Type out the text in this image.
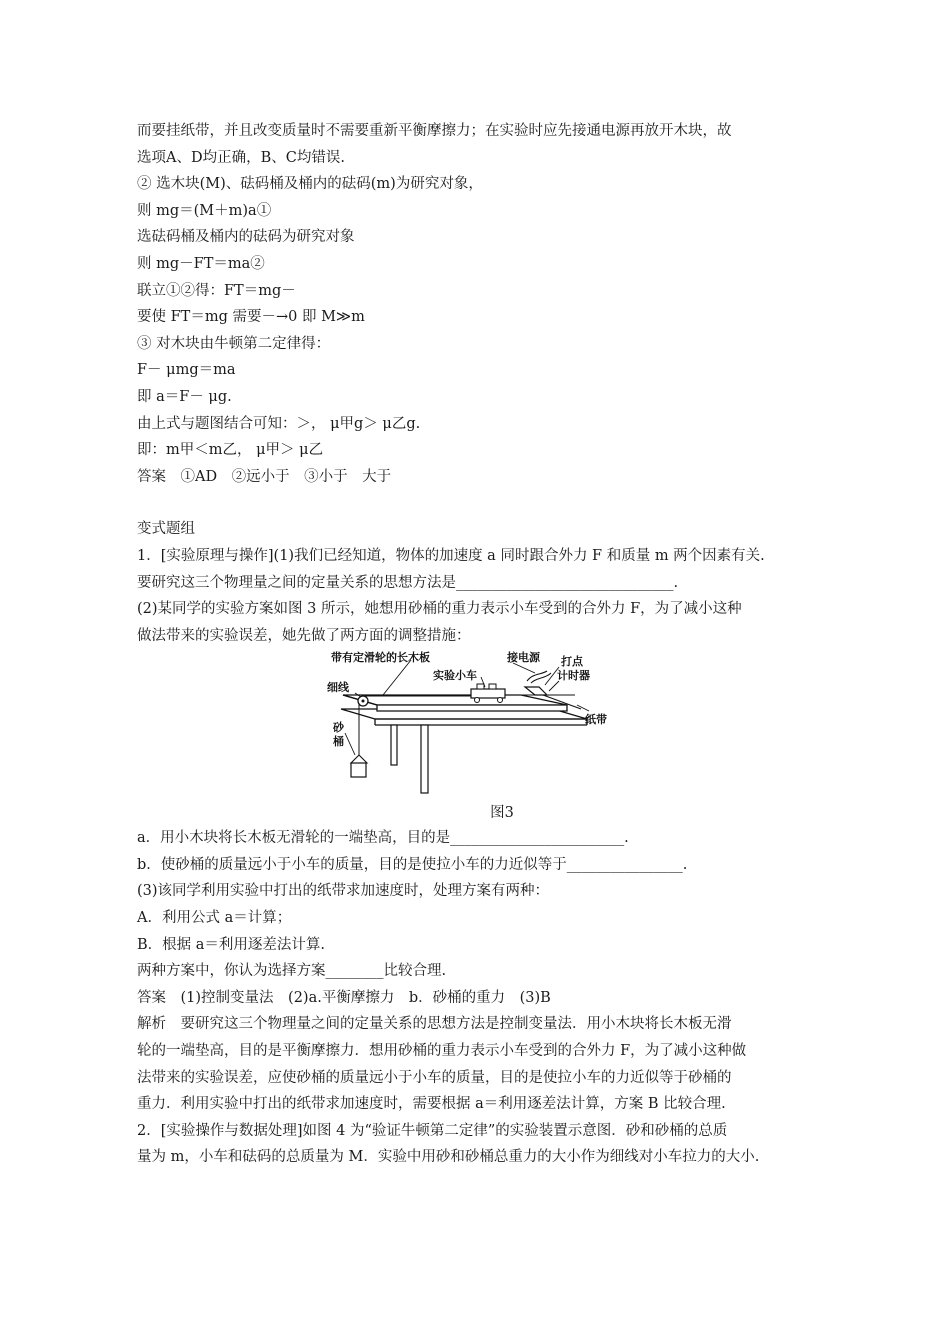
而要挂纸带，并且改变质量时不需要重新平衡摩擦力；在实验时应先接通电源再放开木块，故
选项A、D均正确，B、C均错误.
② 选木块(M)、砝码桶及桶内的砝码(m)为研究对象，
则 mg＝(M＋m)a①
选砝码桶及桶内的砝码为研究对象
则 mg－FT＝ma②
联立①②得：FT＝mg－
要使 FT＝mg 需要－→0 即 M≫m
③ 对木块由牛顿第二定律得：
F－ μmg＝ma
即 a＝F－ μg.
由上式与题图结合可知：＞， μ甲g＞ μ乙g.
即：m甲＜m乙， μ甲＞ μ乙
答案　①AD　②远小于　③小于　大于
变式题组
1．[实验原理与操作](1)我们已经知道，物体的加速度 a 同时跟合外力 F 和质量 m 两个因素有关.
要研究这三个物理量之间的定量关系的思想方法是______________________________.
(2)某同学的实验方案如图 3 所示，她想用砂桶的重力表示小车受到的合外力 F，为了减小这种
做法带来的实验误差，她先做了两方面的调整措施：
带有定滑轮的长木板	接电源 打点
计时器
实验小车
细线
砂
桶
纸带
图3
a．用小木块将长木板无滑轮的一端垫高，目的是________________________.
b．使砂桶的质量远小于小车的质量，目的是使拉小车的力近似等于________________.
(3)该同学利用实验中打出的纸带求加速度时，处理方案有两种：
A．利用公式 a＝计算；
B．根据 a＝利用逐差法计算.
两种方案中，你认为选择方案________比较合理.
答案　(1)控制变量法　(2)a.平衡摩擦力　b．砂桶的重力　(3)B
解析　要研究这三个物理量之间的定量关系的思想方法是控制变量法．用小木块将长木板无滑
轮的一端垫高，目的是平衡摩擦力．想用砂桶的重力表示小车受到的合外力 F，为了减小这种做
法带来的实验误差，应使砂桶的质量远小于小车的质量，目的是使拉小车的力近似等于砂桶的
重力．利用实验中打出的纸带求加速度时，需要根据 a＝利用逐差法计算，方案 B 比较合理.
2．[实验操作与数据处理]如图 4 为“验证牛顿第二定律”的实验装置示意图．砂和砂桶的总质
量为 m，小车和砝码的总质量为 M．实验中用砂和砂桶总重力的大小作为细线对小车拉力的大小.
